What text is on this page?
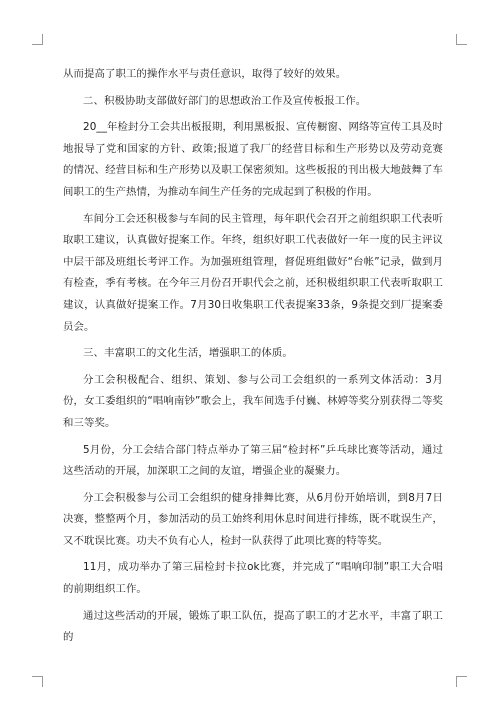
从而提高了职工的操作水平与责任意识，取得了较好的效果。

二、积极协助支部做好部门的思想政治工作及宣传板报工作。

20__年检封分工会共出板报期，利用黑板报、宣传橱窗、网络等宣传工具及时地报导了党和国家的方针、政策;报道了我厂的经营目标和生产形势以及劳动竞赛的情况、经营目标和生产形势以及职工保密须知。这些板报的刊出极大地鼓舞了车间职工的生产热情，为推动车间生产任务的完成起到了积极的作用。

车间分工会还积极参与车间的民主管理，每年职代会召开之前组织职工代表听取职工建议，认真做好提案工作。年终，组织好职工代表做好一年一度的民主评议中层干部及班组长考评工作。为加强班组管理，督促班组做好“台帐”记录，做到月有检查，季有考核。在今年三月份召开职代会之前，还积极组织职工代表听取职工建议，认真做好提案工作。7月30日收集职工代表提案33条，9条提交到厂提案委员会。

三、丰富职工的文化生活，增强职工的体质。

分工会积极配合、组织、策划、参与公司工会组织的一系列文体活动：3月份，女工委组织的“唱响南钞”歌会上，我车间选手付巍、林婷等奖分别获得二等奖和三等奖。

5月份，分工会结合部门特点举办了第三届“检封杯”乒乓球比赛等活动，通过这些活动的开展，加深职工之间的友谊，增强企业的凝聚力。

分工会积极参与公司工会组织的健身排舞比赛，从6月份开始培训，到8月7日决赛，整整两个月，参加活动的员工始终利用休息时间进行排练，既不耽误生产，又不耽误比赛。功夫不负有心人，检封一队获得了此项比赛的特等奖。

11月，成功举办了第三届检封卡拉ok比赛，并完成了“唱响印制”职工大合唱的前期组织工作。

通过这些活动的开展，锻炼了职工队伍，提高了职工的才艺水平，丰富了职工的
